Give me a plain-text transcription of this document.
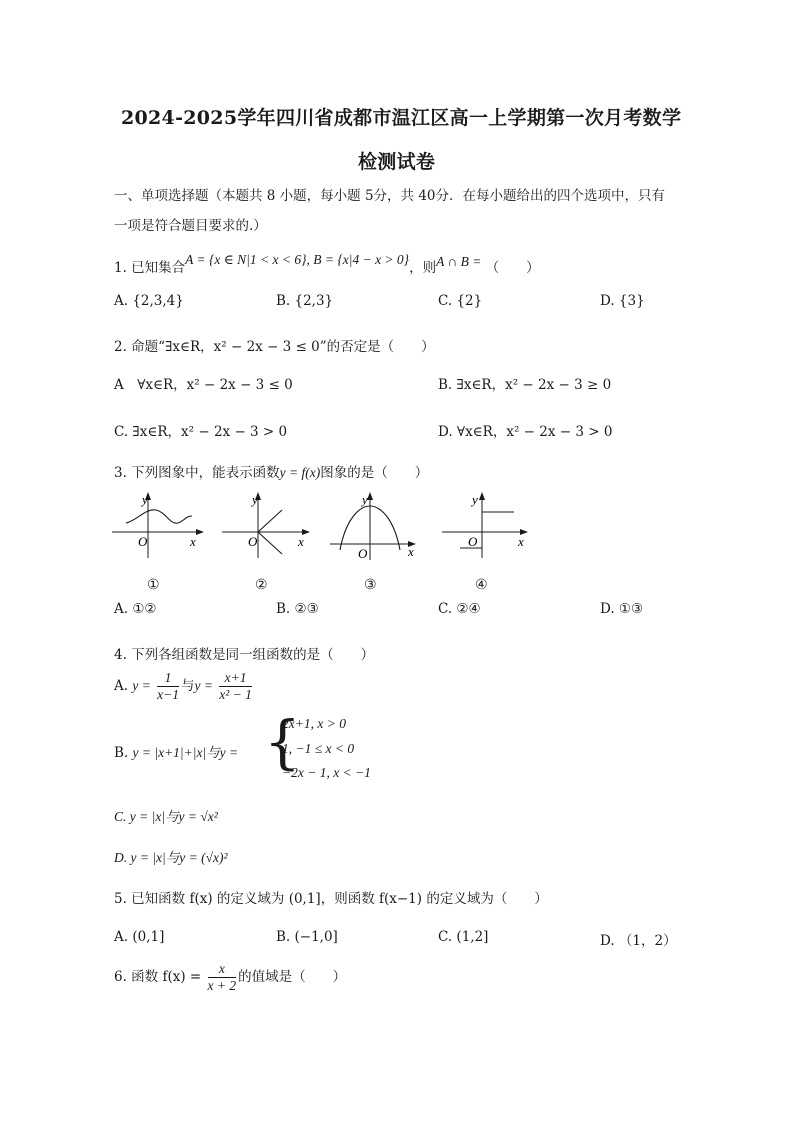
2024-2025学年四川省成都市温江区高一上学期第一次月考数学
检测试卷
一、单项选择题（本题共 8 小题，每小题 5分，共 40分．在每小题给出的四个选项中，只有
一项是符合题目要求的.）
1. 已知集合A = {x ∈ N|1 < x < 6}, B = {x|4 − x > 0}，则A ∩ B = （　　）
A. {2,3,4}	B. {2,3}	C. {2}	D. {3}
2. 命题“∃x∈R，x² − 2x − 3 ≤ 0”的否定是（　　）
A　∀x∈R，x² − 2x − 3 ≤ 0	B. ∃x∈R，x² − 2x − 3 ≥ 0
C. ∃x∈R，x² − 2x − 3 > 0	D. ∀x∈R，x² − 2x − 3 > 0
3. 下列图象中，能表示函数y = f(x)图象的是（　　）
y
O	x
y
O	x
y
O	x
y
O	x
①	②	③	④
A. ①②	B. ②③	C. ②④	D. ①③
4. 下列各组函数是同一组函数的是（　　）
A. $y = \frac{1}{x-1}$ 与$y = \frac{x+1}{\text{x² − 1}}$
B. y = |x+1|+|x|与y = {
2x+1, x > 0
1, −1 ≤ x < 0
−2x − 1, x < −1
C. y = |x|与y = √x²
D. y = |x|与y = (√x)²
5. 已知函数 f(x) 的定义域为 (0,1]，则函数 f(x−1) 的定义域为（　　）
A. (0,1]	B. (−1,0]	C. (1,2]	D. （1，2）
6. 函数 $f(x) = \frac{x}{x + 2}$ 的值域是（　　）
